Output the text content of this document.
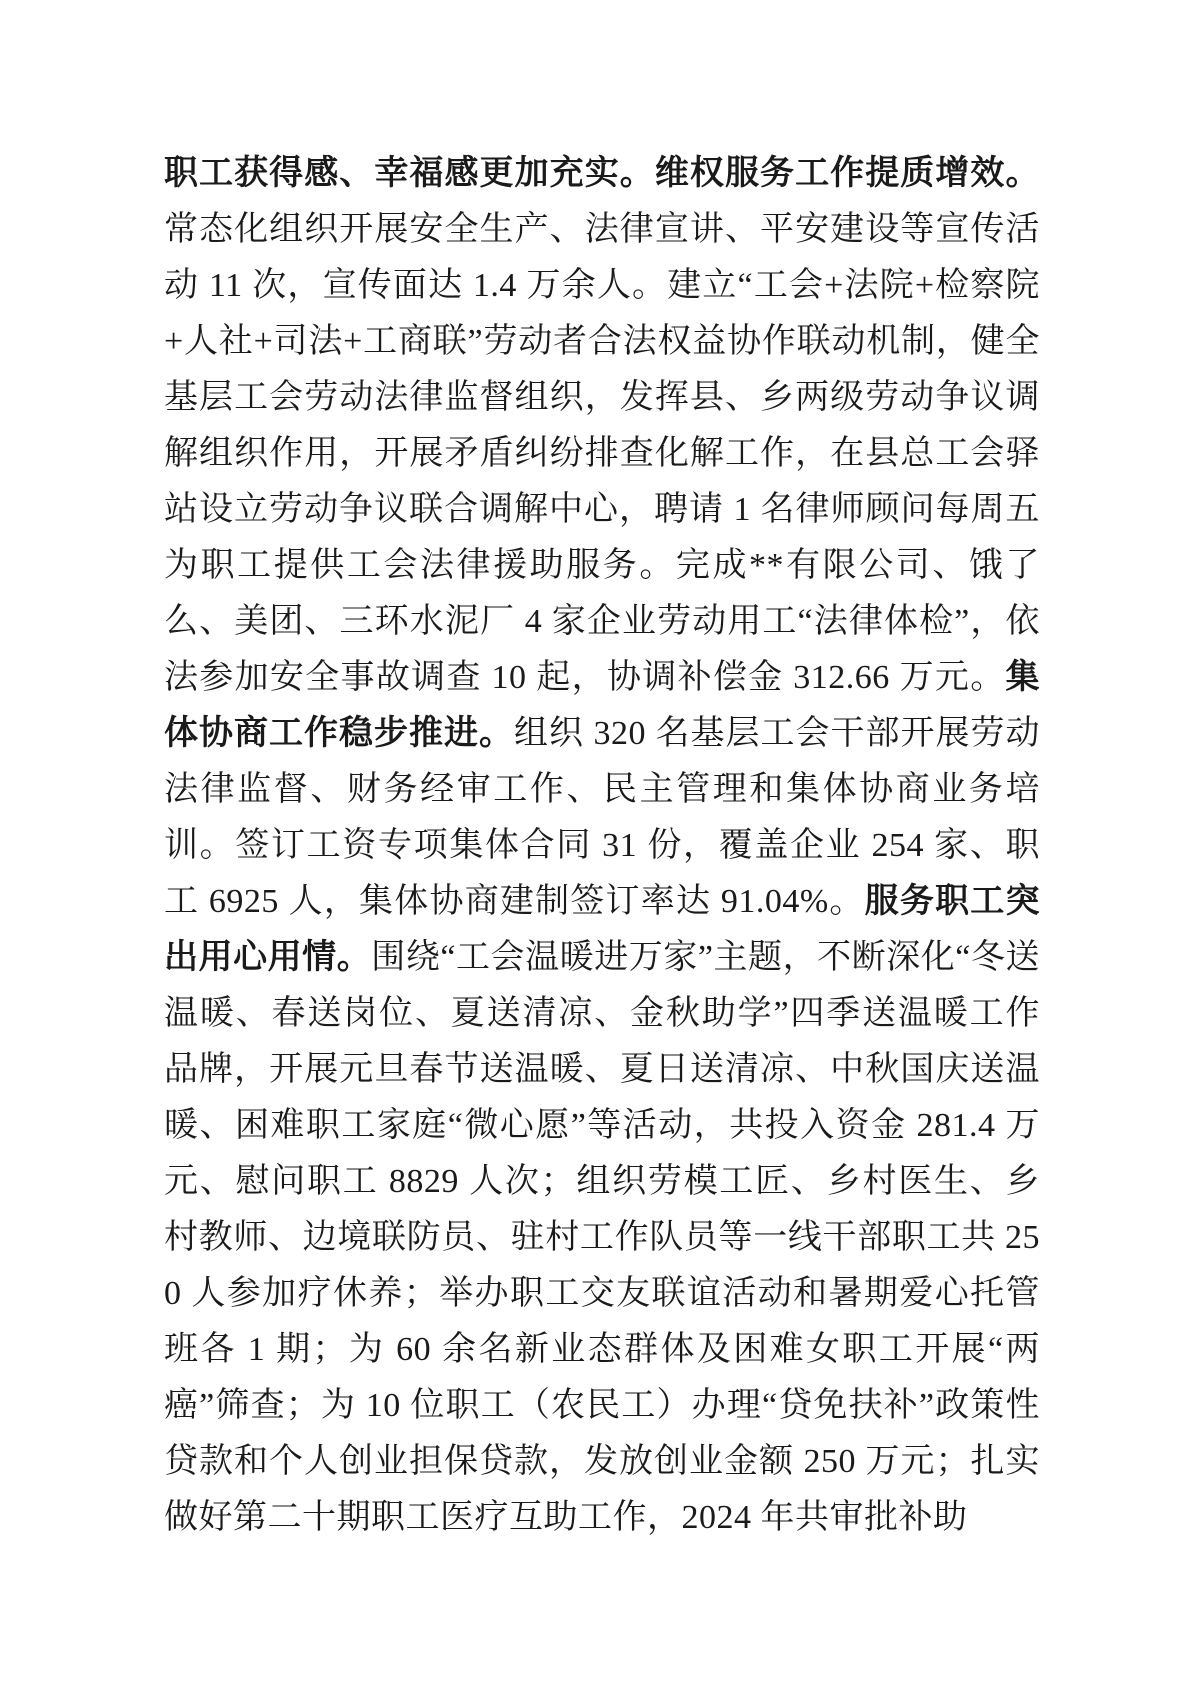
职工获得感、幸福感更加充实。维权服务工作提质增效。常态化组织开展安全生产、法律宣讲、平安建设等宣传活动 11 次，宣传面达 1.4 万余人。建立“工会+法院+检察院+人社+司法+工商联”劳动者合法权益协作联动机制，健全基层工会劳动法律监督组织，发挥县、乡两级劳动争议调解组织作用，开展矛盾纠纷排查化解工作，在县总工会驿站设立劳动争议联合调解中心，聘请 1 名律师顾问每周五为职工提供工会法律援助服务。完成**有限公司、饿了么、美团、三环水泥厂 4 家企业劳动用工“法律体检”，依法参加安全事故调查 10 起，协调补偿金 312.66 万元。集体协商工作稳步推进。组织 320 名基层工会干部开展劳动法律监督、财务经审工作、民主管理和集体协商业务培训。签订工资专项集体合同 31 份，覆盖企业 254 家、职工 6925 人，集体协商建制签订率达 91.04%。服务职工突出用心用情。围绕“工会温暖进万家”主题，不断深化“冬送温暖、春送岗位、夏送清凉、金秋助学”四季送温暖工作品牌，开展元旦春节送温暖、夏日送清凉、中秋国庆送温暖、困难职工家庭“微心愿”等活动，共投入资金 281.4 万元、慰问职工 8829 人次；组织劳模工匠、乡村医生、乡村教师、边境联防员、驻村工作队员等一线干部职工共 250 人参加疗休养；举办职工交友联谊活动和暑期爱心托管班各 1 期；为 60 余名新业态群体及困难女职工开展“两癌”筛查；为 10 位职工（农民工）办理“贷免扶补”政策性贷款和个人创业担保贷款，发放创业金额 250 万元；扎实做好第二十期职工医疗互助工作，2024 年共审批补助
